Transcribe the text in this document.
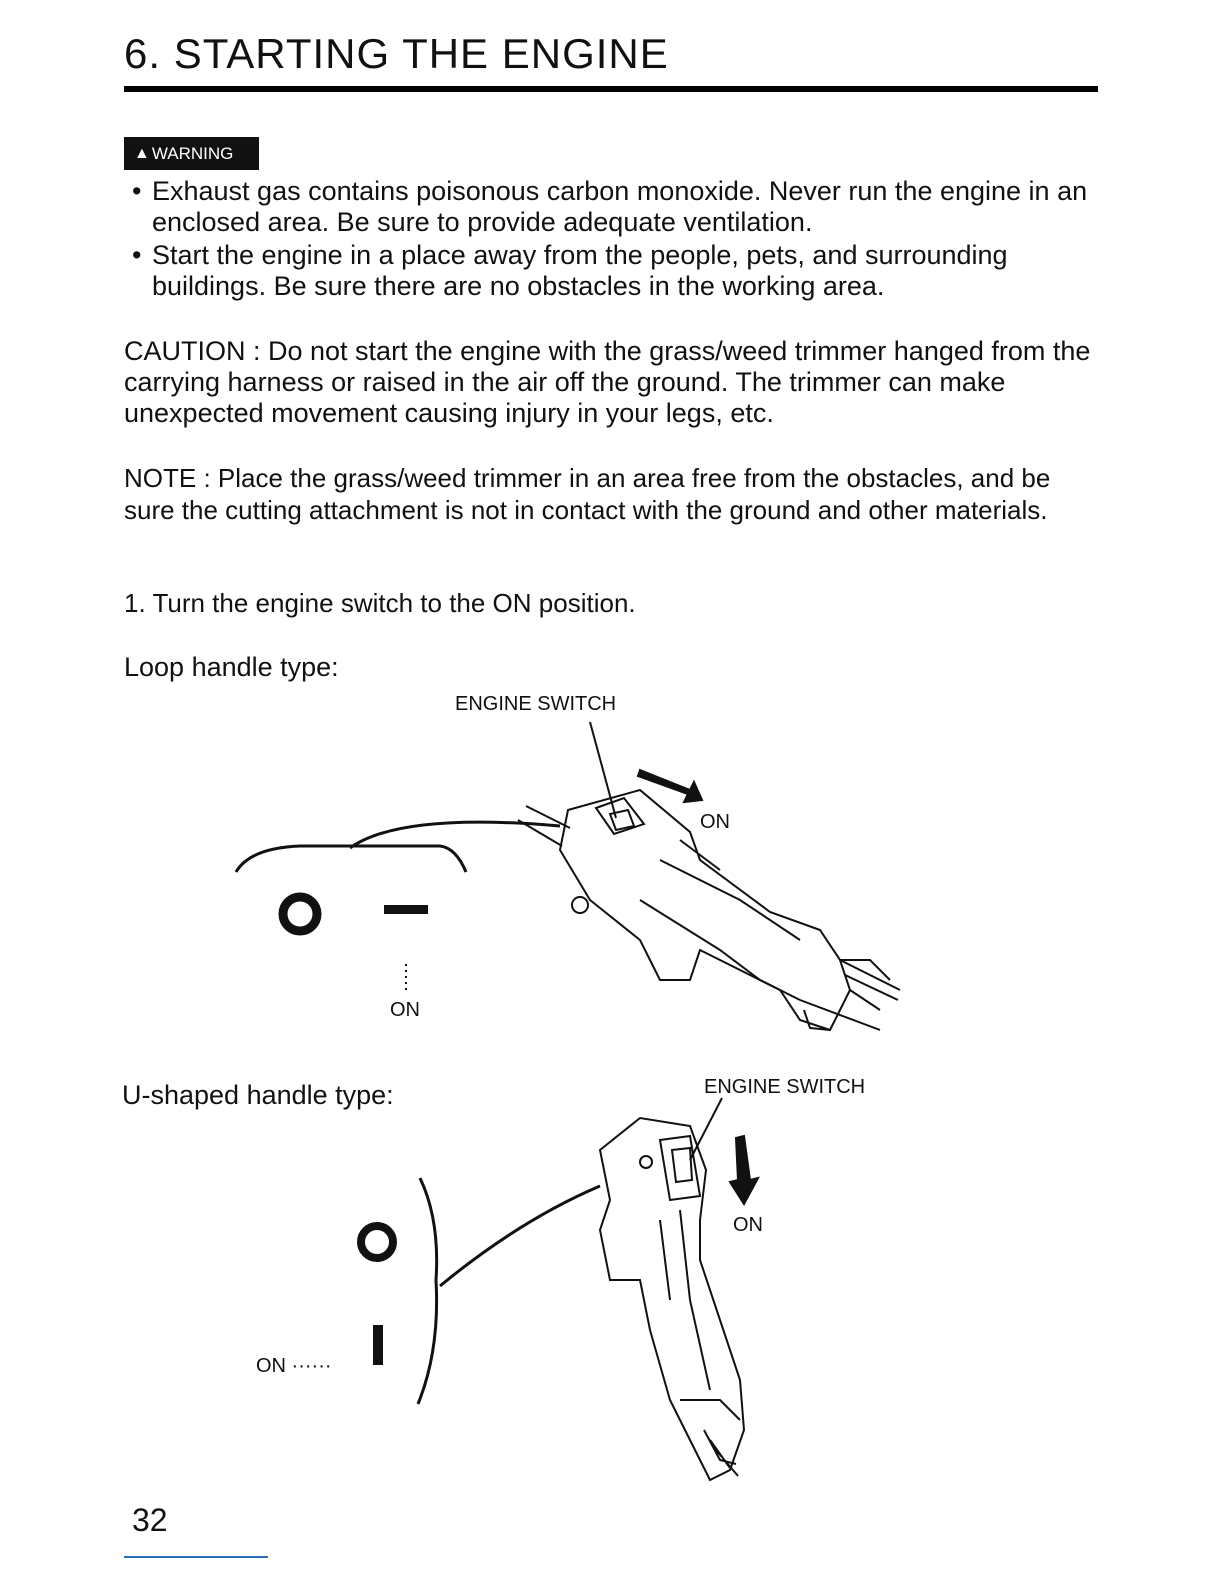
6. STARTING THE ENGINE
▲ WARNING
• Exhaust gas contains poisonous carbon monoxide. Never run the engine in an enclosed area. Be sure to provide adequate ventilation.
• Start the engine in a place away from the people, pets, and surrounding buildings. Be sure there are no obstacles in the working area.
CAUTION : Do not start the engine with the grass/weed trimmer hanged from the carrying harness or raised in the air off the ground. The trimmer can make unexpected movement causing injury in your legs, etc.
NOTE : Place the grass/weed trimmer in an area free from the obstacles, and be sure the cutting attachment is not in contact with the ground and other materials.
1. Turn the engine switch to the ON position.
Loop handle type:
ENGINE SWITCH
ON
ON
U-shaped handle type:	ENGINE SWITCH
ON
ON ······
32
